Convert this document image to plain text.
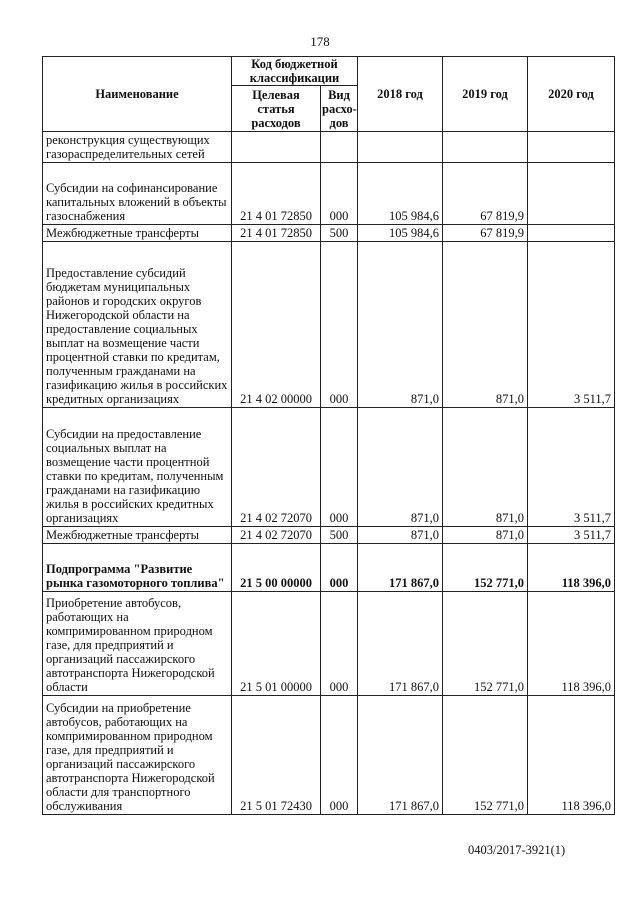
178
Наименование	Код бюджетной классификации		2018 год	2019 год	2020 год
	Целевая статья расходов	Вид расхо-дов			
реконструкция существующих газораспределительных сетей					
Субсидии на софинансирование капитальных вложений в объекты газоснабжения	21 4 01 72850	000	105 984,6	67 819,9	
Межбюджетные трансферты	21 4 01 72850	500	105 984,6	67 819,9	
Предоставление субсидий бюджетам муниципальных районов и городских округов Нижегородской области на предоставление социальных выплат на возмещение части процентной ставки по кредитам, полученным гражданами на газификацию жилья в российских кредитных организациях	21 4 02 00000	000	871,0	871,0	3 511,7
Субсидии на предоставление социальных выплат на возмещение части процентной ставки по кредитам, полученным гражданами на газификацию жилья в российских кредитных организациях	21 4 02 72070	000	871,0	871,0	3 511,7
Межбюджетные трансферты	21 4 02 72070	500	871,0	871,0	3 511,7
Подпрограмма "Развитие рынка газомоторного топлива"	21 5 00 00000	000	171 867,0	152 771,0	118 396,0
Приобретение автобусов, работающих на компримированном природном газе, для предприятий и организаций пассажирского автотранспорта Нижегородской области	21 5 01 00000	000	171 867,0	152 771,0	118 396,0
Субсидии на приобретение автобусов, работающих на компримированном природном газе, для предприятий и организаций пассажирского автотранспорта Нижегородской области для транспортного обслуживания	21 5 01 72430	000	171 867,0	152 771,0	118 396,0
0403/2017-3921(1)
